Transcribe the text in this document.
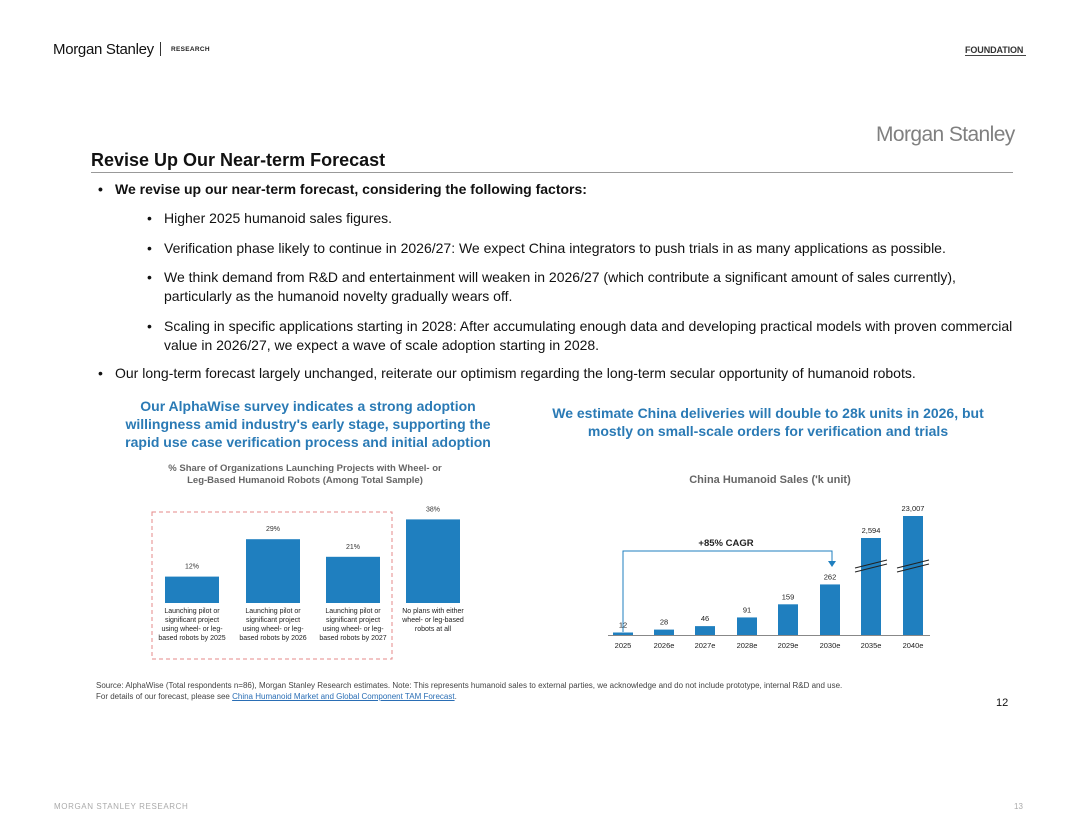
Morgan Stanley	RESEARCH	FOUNDATION
Morgan Stanley
Revise Up Our Near-term Forecast
• We revise up our near-term forecast, considering the following factors:
• Higher 2025 humanoid sales figures.
• Verification phase likely to continue in 2026/27: We expect China integrators to push trials in as many applications as possible.
• We think demand from R&D and entertainment will weaken in 2026/27 (which contribute a significant amount of sales currently), particularly as the humanoid novelty gradually wears off.
• Scaling in specific applications starting in 2028: After accumulating enough data and developing practical models with proven commercial value in 2026/27, we expect a wave of scale adoption starting in 2028.
• Our long-term forecast largely unchanged, reiterate our optimism regarding the long-term secular opportunity of humanoid robots.
Our AlphaWise survey indicates a strong adoption willingness amid industry's early stage, supporting the rapid use case verification process and initial adoption
We estimate China deliveries will double to 28k units in 2026, but mostly on small-scale orders for verification and trials
% Share of Organizations Launching Projects with Wheel- or Leg-Based Humanoid Robots (Among Total Sample)	China Humanoid Sales ('k unit)
12%
Launching pilot or
significant project
using wheel- or leg-
based robots by 2025
29%
Launching pilot or
significant project
using wheel- or leg-
based robots by 2026
21%
Launching pilot or
significant project
using wheel- or leg-
based robots by 2027
38%
No plans with either
wheel- or leg-based
robots at all
+85% CAGR
12
2025
28
2026e
46
2027e
91
2028e
159
2029e
262
2030e
2,594
2035e
23,007
2040e
Source: AlphaWise (Total respondents n=86), Morgan Stanley Research estimates. Note: This represents humanoid sales to external parties, we acknowledge and do not include prototype, internal R&D and use.
For details of our forecast, please see China Humanoid Market and Global Component TAM Forecast.
12
MORGAN STANLEY RESEARCH	13
